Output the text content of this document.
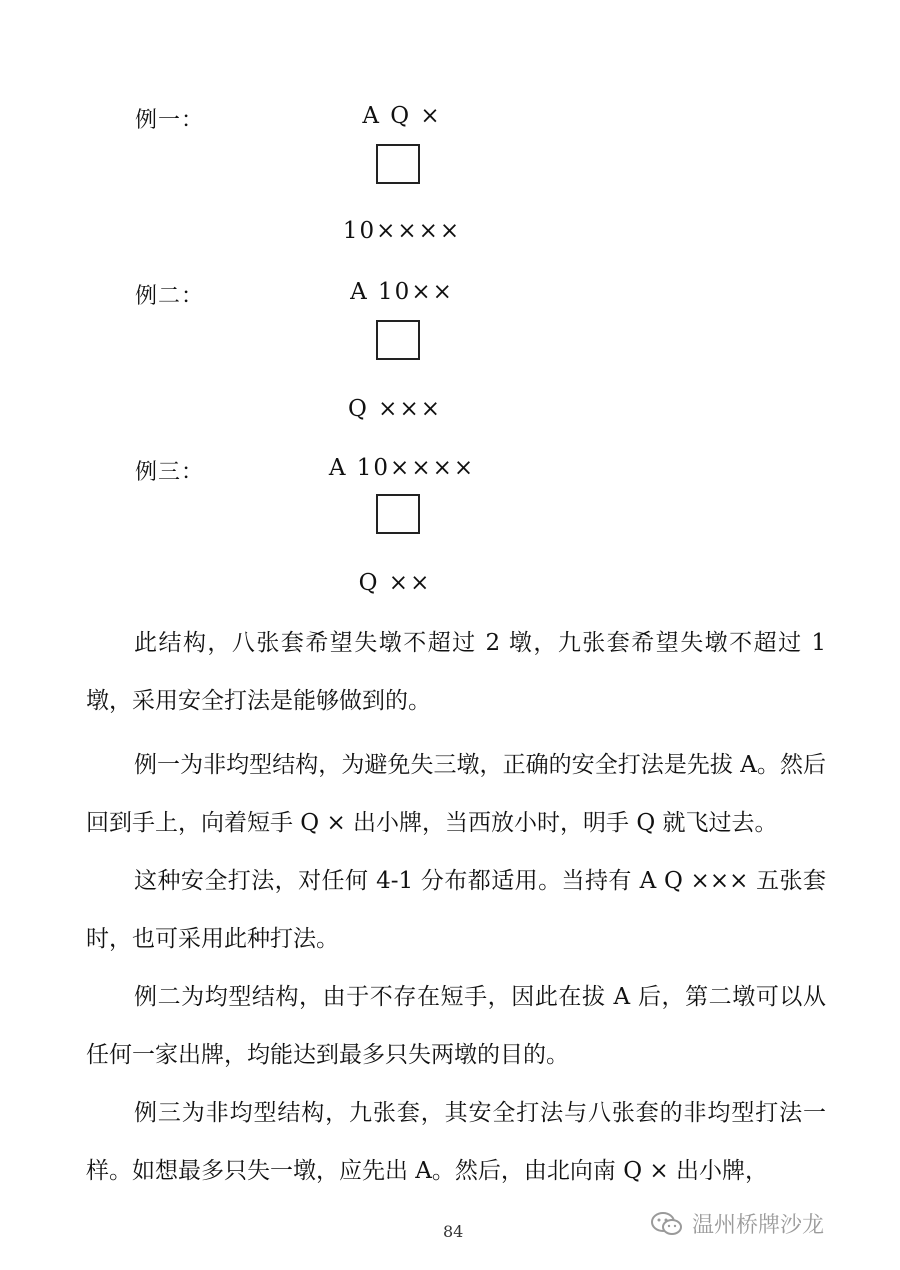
例一：	A Q ×
10××××
例二：	A 10××
Q ×××
例三：	A 10××××
Q ××
此结构，八张套希望失墩不超过 2 墩，九张套希望失墩不超过 1 墩，采用安全打法是能够做到的。
例一为非均型结构，为避免失三墩，正确的安全打法是先拔 A。然后回到手上，向着短手 Q × 出小牌，当西放小时，明手 Q 就飞过去。
这种安全打法，对任何 4-1 分布都适用。当持有 A Q ××× 五张套时，也可采用此种打法。
例二为均型结构，由于不存在短手，因此在拔 A 后，第二墩可以从任何一家出牌，均能达到最多只失两墩的目的。
例三为非均型结构，九张套，其安全打法与八张套的非均型打法一样。如想最多只失一墩，应先出 A。然后，由北向南 Q × 出小牌，
84	温州桥牌沙龙
